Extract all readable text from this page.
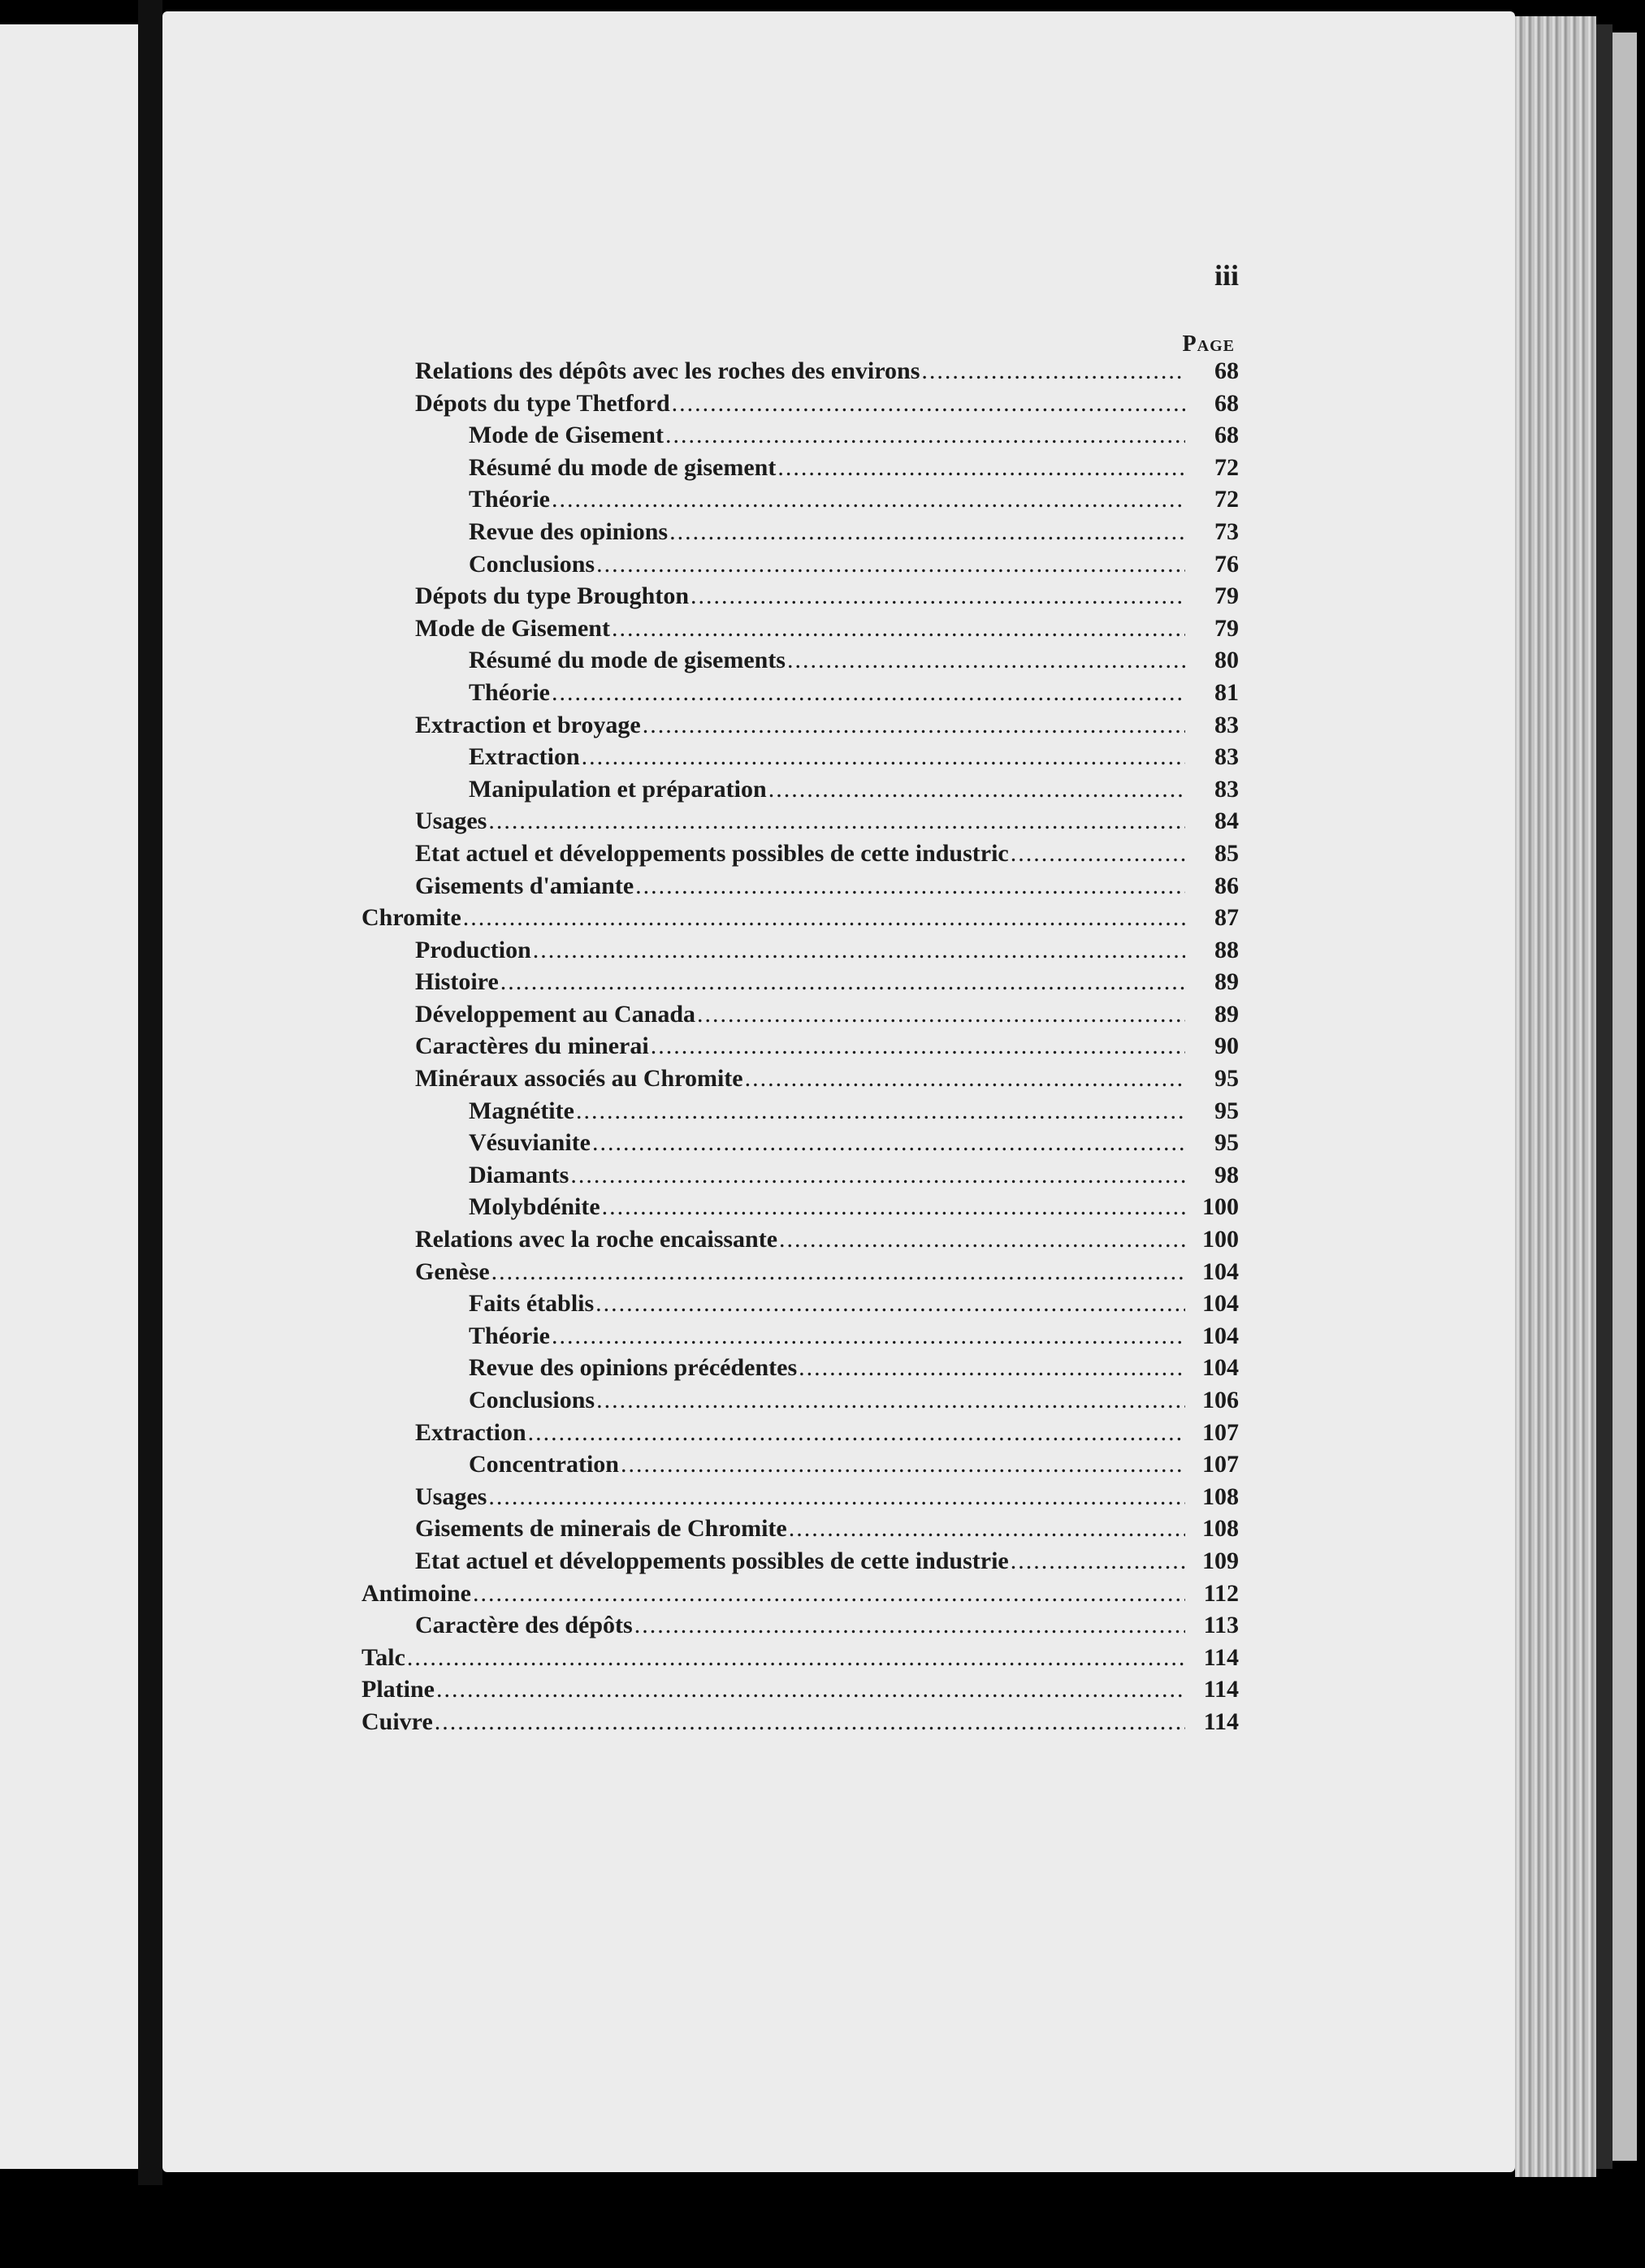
iii
Page
Relations des dépôts avec les roches des environs .....	68
Dépots du type Thetford .....	68
Mode de Gisement .....	68
Résumé du mode de gisement .....	72
Théorie .....	72
Revue des opinions .....	73
Conclusions .....	76
Dépots du type Broughton .....	79
Mode de Gisement .....	79
Résumé du mode de gisements .....	80
Théorie .....	81
Extraction et broyage .....	83
Extraction .....	83
Manipulation et préparation .....	83
Usages .....	84
Etat actuel et développements possibles de cette industric .....	85
Gisements d'amiante .....	86
Chromite .....	87
Production .....	88
Histoire .....	89
Développement au Canada .....	89
Caractères du minerai .....	90
Minéraux associés au Chromite .....	95
Magnétite .....	95
Vésuvianite .....	95
Diamants .....	98
Molybdénite .....	100
Relations avec la roche encaissante .....	100
Genèse .....	104
Faits établis .....	104
Théorie .....	104
Revue des opinions précédentes .....	104
Conclusions .....	106
Extraction .....	107
Concentration .....	107
Usages .....	108
Gisements de minerais de Chromite .....	108
Etat actuel et développements possibles de cette industrie .....	109
Antimoine .....	112
Caractère des dépôts .....	113
Talc .....	114
Platine .....	114
Cuivre .....	114
